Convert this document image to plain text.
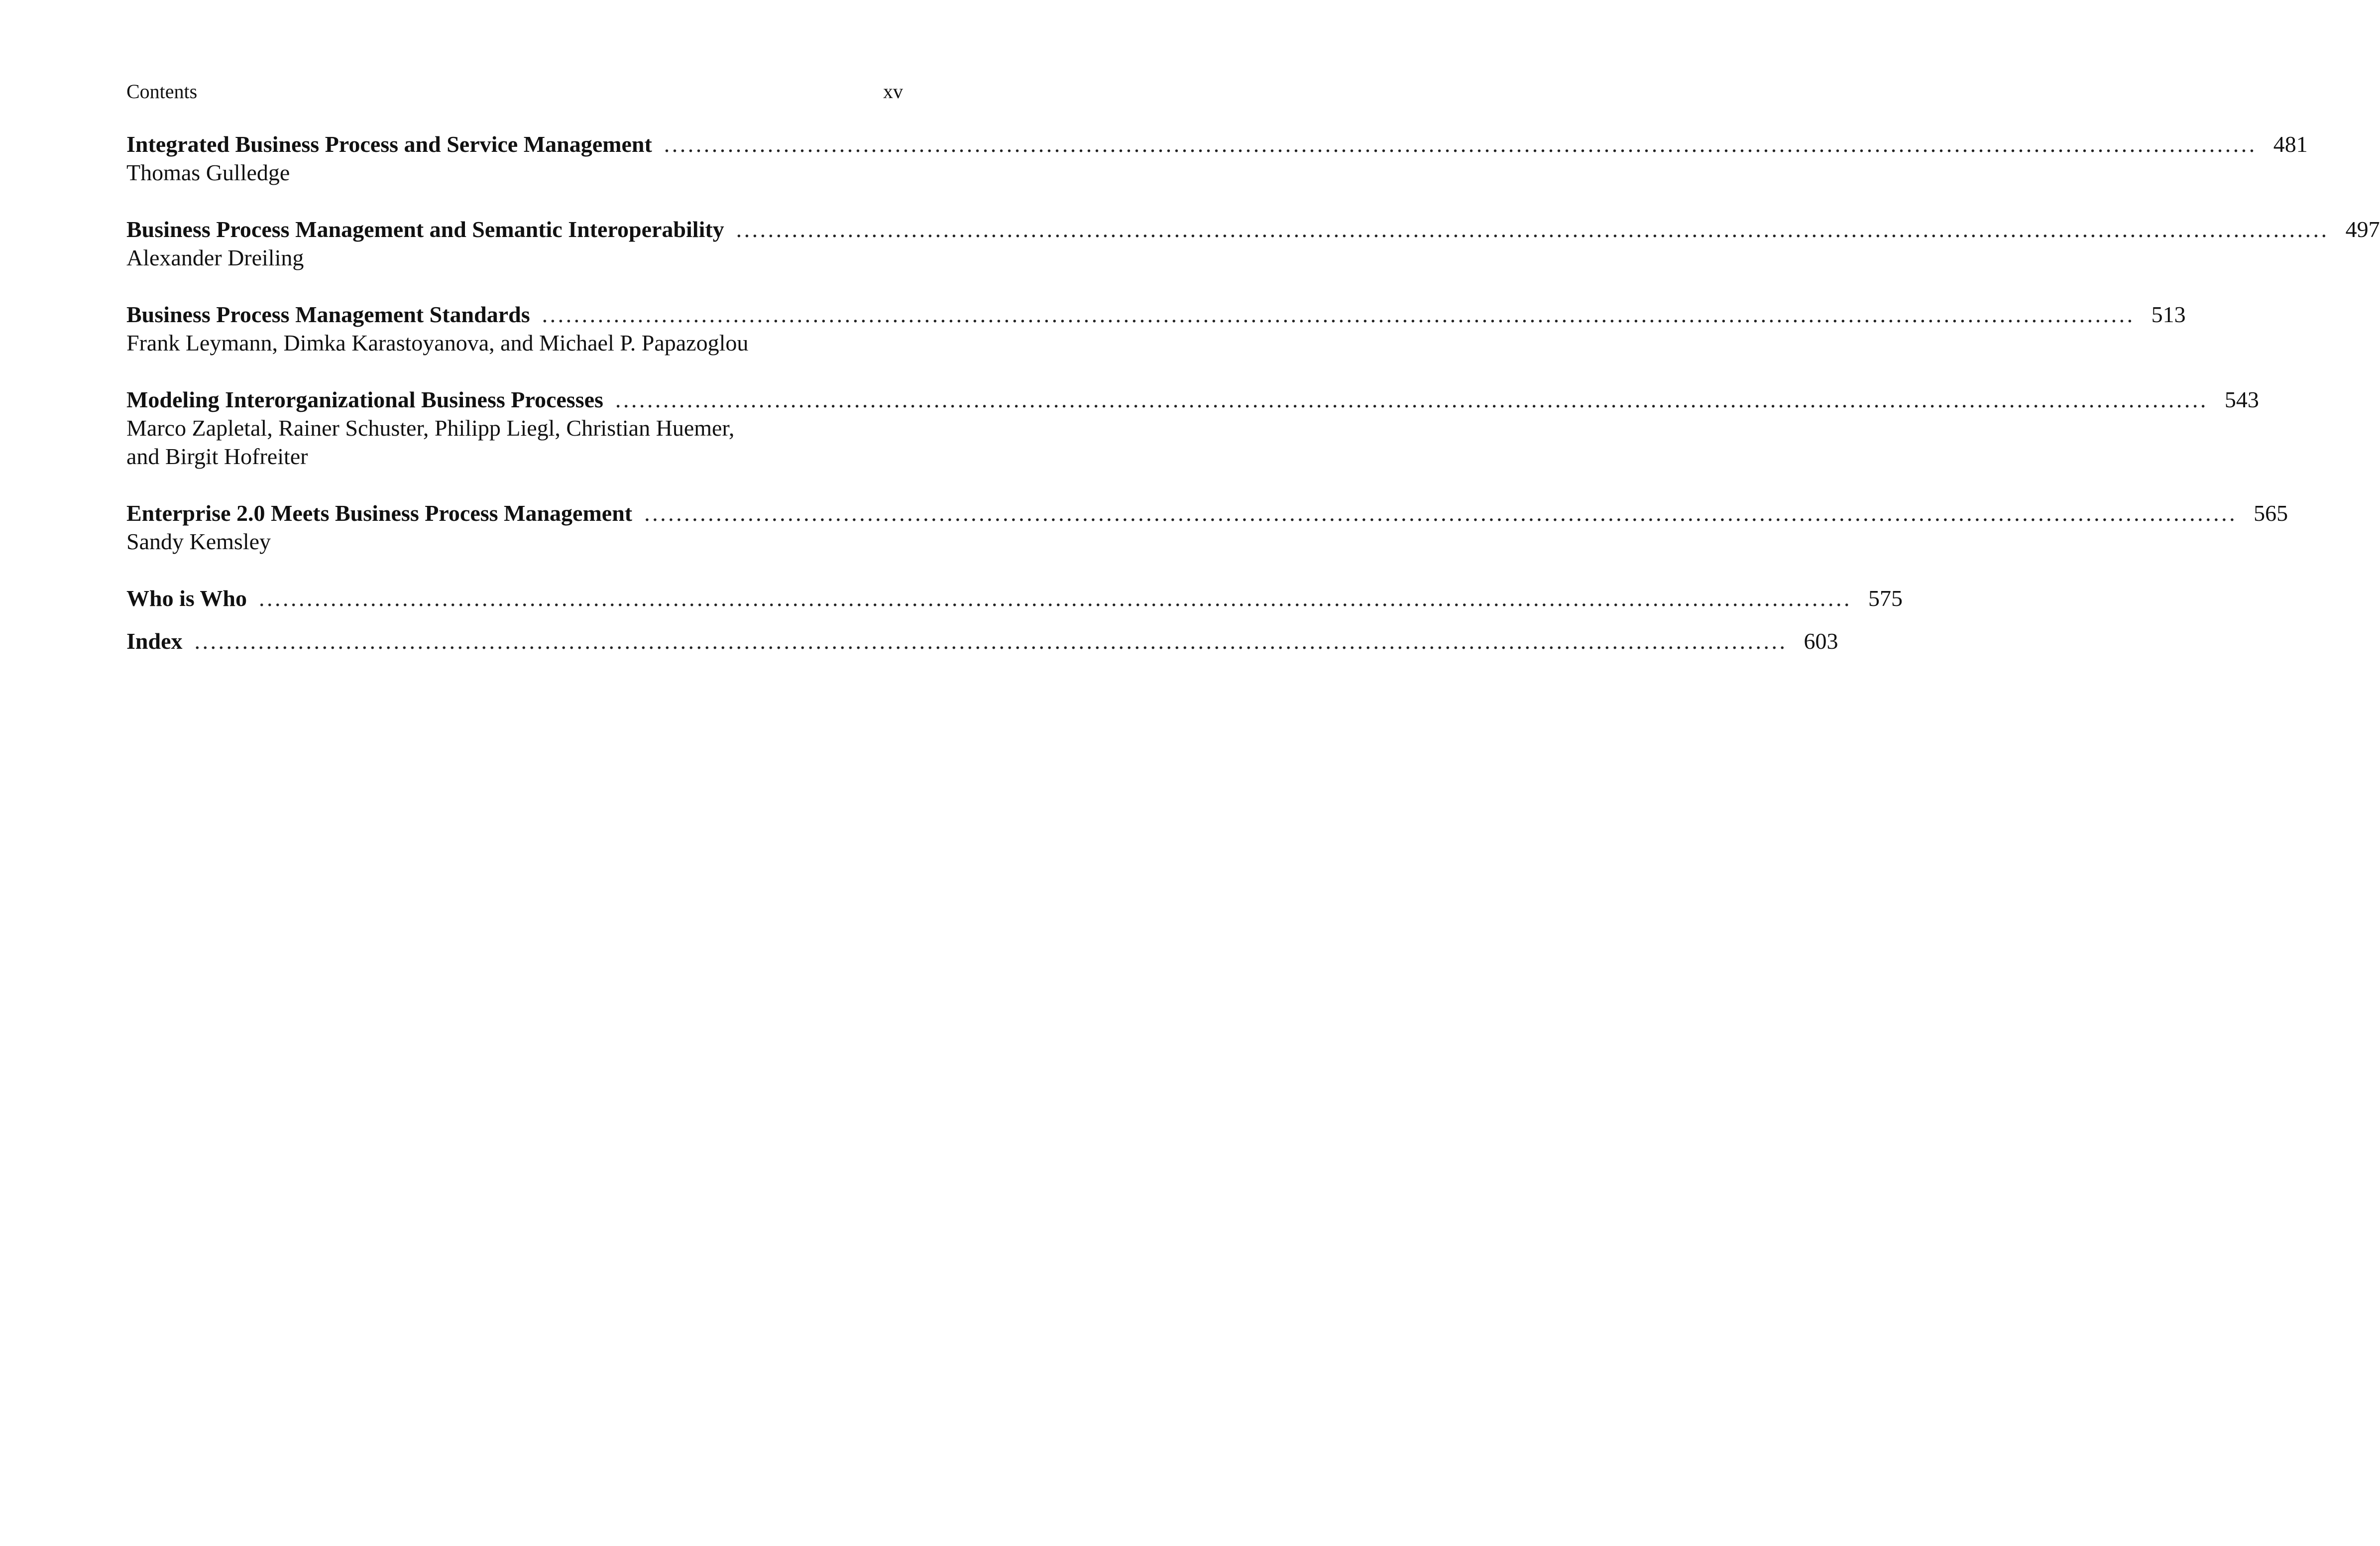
Contents	xv
Integrated Business Process and Service Management ........................................................................................................................................................................................................ 481
Thomas Gulledge
Business Process Management and Semantic Interoperability ........................................................................................................................................................................................................ 497
Alexander Dreiling
Business Process Management Standards ........................................................................................................................................................................................................ 513
Frank Leymann, Dimka Karastoyanova, and Michael P. Papazoglou
Modeling Interorganizational Business Processes ........................................................................................................................................................................................................ 543
Marco Zapletal, Rainer Schuster, Philipp Liegl, Christian Huemer,
and Birgit Hofreiter
Enterprise 2.0 Meets Business Process Management ........................................................................................................................................................................................................ 565
Sandy Kemsley
Who is Who ........................................................................................................................................................................................................ 575
Index ........................................................................................................................................................................................................ 603
